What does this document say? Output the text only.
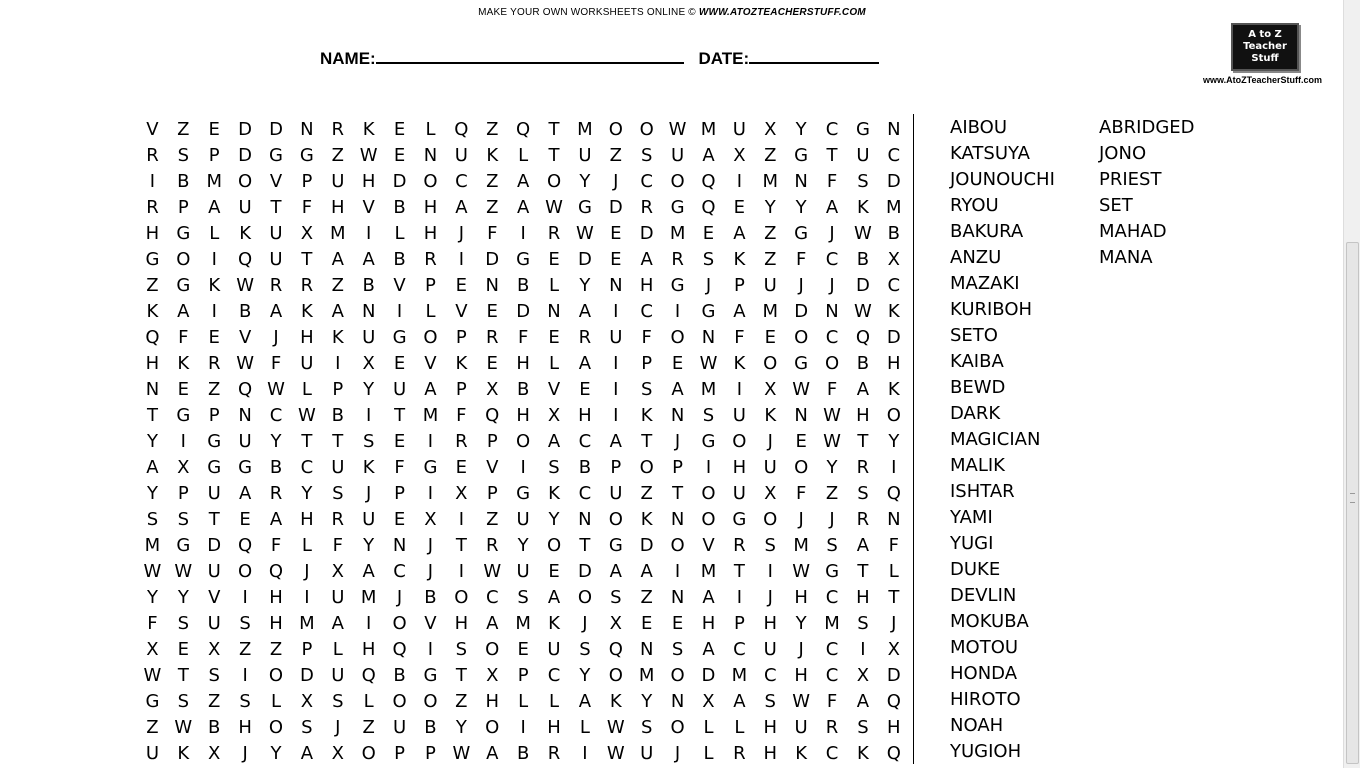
MAKE YOUR OWN WORKSHEETS ONLINE © WWW.ATOZTEACHERSTUFF.COM
NAME:	DATE:
A to Z
Teacher
Stuff
www.AtoZTeacherStuff.com
V Z E D D N R K E L Q Z Q T M O O W M U X Y C G N
R S P D G G Z W E N U K L T U Z S U A X Z G T U C
I B M O V P U H D O C Z A O Y J C O Q I M N F S D
R P A U T F H V B H A Z A W G D R G Q E Y Y A K M
H G L K U X M I L H J F I R W E D M E A Z G J W B
G O I Q U T A A B R I D G E D E A R S K Z F C B X
Z G K W R R Z B V P E N B L Y N H G J P U J J D C
K A I B A K A N I L V E D N A I C I G A M D N W K
Q F E V J H K U G O P R F E R U F O N F E O C Q D
H K R W F U I X E V K E H L A I P E W K O G O B H
N E Z Q W L P Y U A P X B V E I S A M I X W F A K
T G P N C W B I T M F Q H X H I K N S U K N W H O
Y I G U Y T T S E I R P O A C A T J G O J E W T Y
A X G G B C U K F G E V I S B P O P I H U O Y R I
Y P U A R Y S J P I X P G K C U Z T O U X F Z S Q
S S T E A H R U E X I Z U Y N O K N O G O J J R N
M G D Q F L F Y N J T R Y O T G D O V R S M S A F
W W U O Q J X A C J I W U E D A A I M T I W G T L
Y Y V I H I U M J B O C S A O S Z N A I J H C H T
F S U S H M A I O V H A M K J X E E H P H Y M S J
X E X Z Z P L H Q I S O E U S Q N S A C U J C I X
W T S I O D U Q B G T X P C Y O M O D M C H C X D
G S Z S L X S L O O Z H L L A K Y N X A S W F A Q
Z W B H O S J Z U B Y O I H L W S O L L H U R S H
U K X J Y A X O P P W A B R I W U J L R H K C K Q
AIBOU
KATSUYA
JOUNOUCHI
RYOU
BAKURA
ANZU
MAZAKI
KURIBOH
SETO
KAIBA
BEWD
DARK
MAGICIAN
MALIK
ISHTAR
YAMI
YUGI
DUKE
DEVLIN
MOKUBA
MOTOU
HONDA
HIROTO
NOAH
YUGIOH
ABRIDGED
JONO
PRIEST
SET
MAHAD
MANA
